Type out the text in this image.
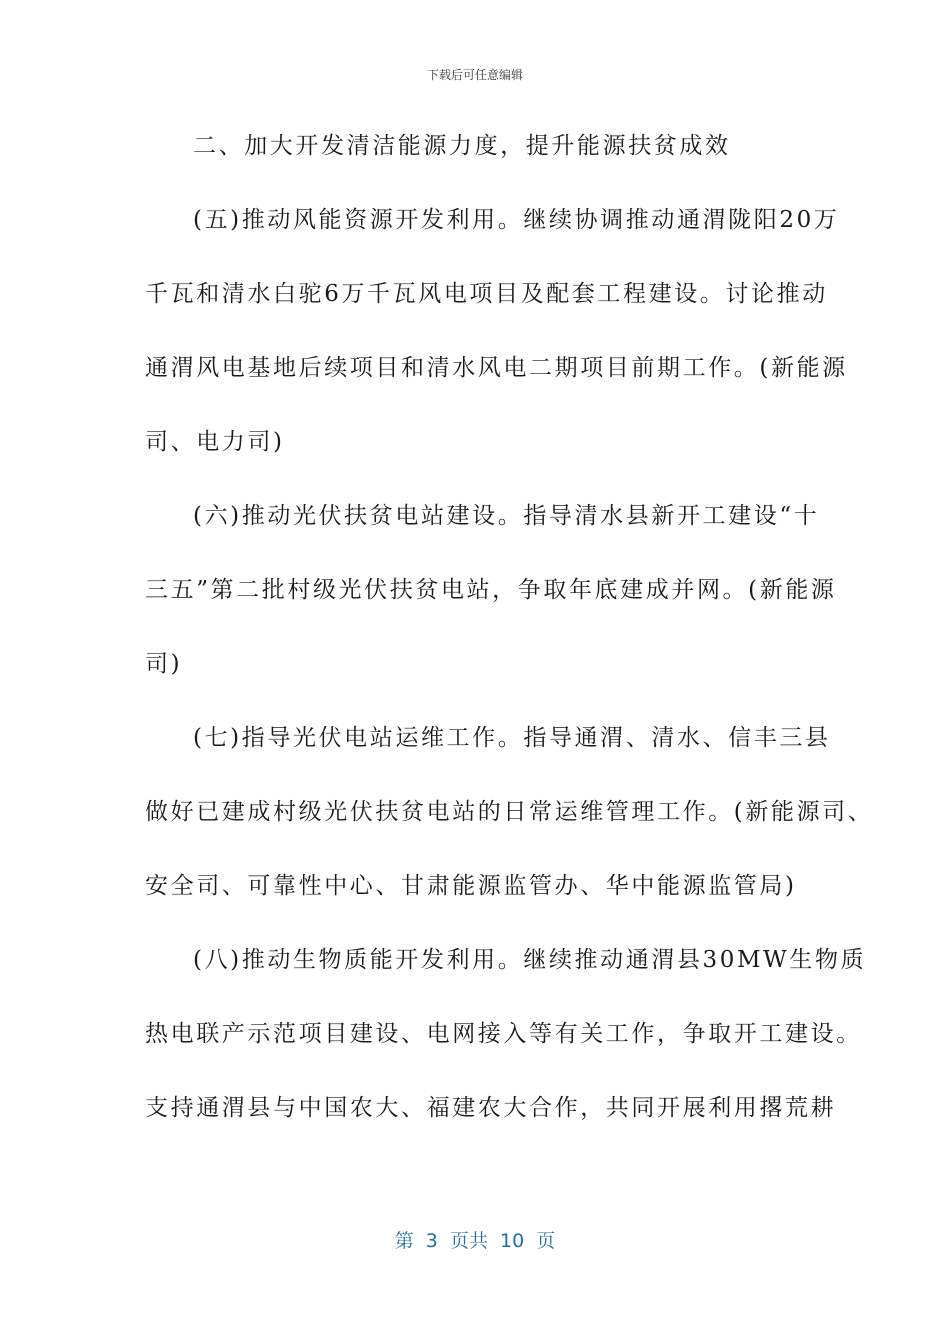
下载后可任意编辑
二、加大开发清洁能源力度，提升能源扶贫成效
(五)推动风能资源开发利用。继续协调推动通渭陇阳20万
千瓦和清水白驼6万千瓦风电项目及配套工程建设。讨论推动
通渭风电基地后续项目和清水风电二期项目前期工作。(新能源
司、电力司)
(六)推动光伏扶贫电站建设。指导清水县新开工建设“十
三五”第二批村级光伏扶贫电站，争取年底建成并网。(新能源
司)
(七)指导光伏电站运维工作。指导通渭、清水、信丰三县
做好已建成村级光伏扶贫电站的日常运维管理工作。(新能源司、
安全司、可靠性中心、甘肃能源监管办、华中能源监管局)
(八)推动生物质能开发利用。继续推动通渭县30MW生物质
热电联产示范项目建设、电网接入等有关工作，争取开工建设。
支持通渭县与中国农大、福建农大合作，共同开展利用撂荒耕
第  3  页共  10  页
